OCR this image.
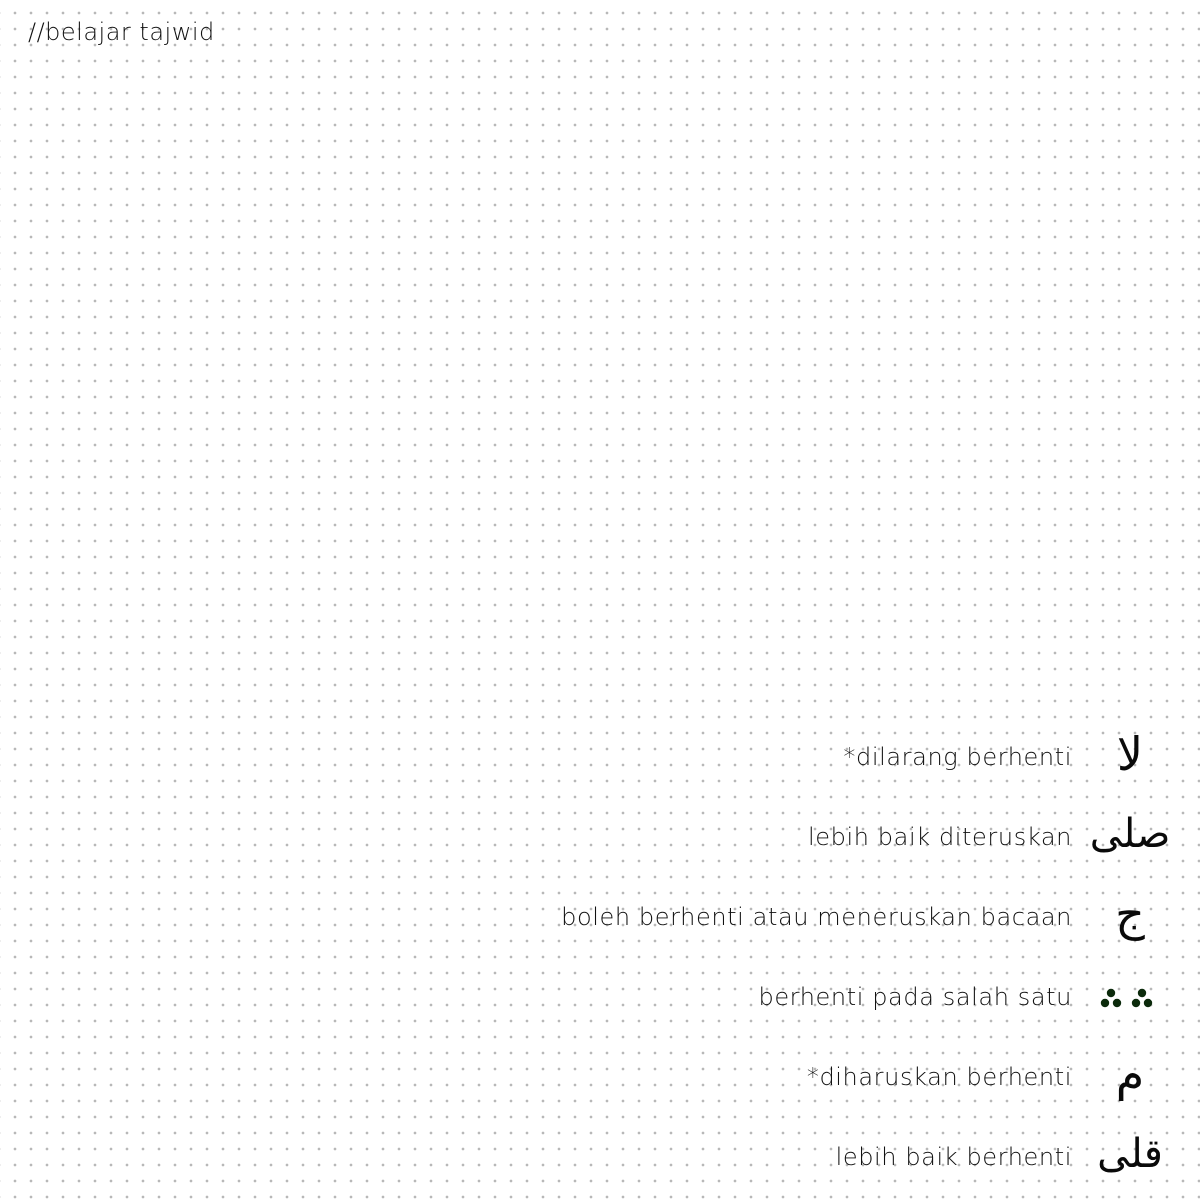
//belajar tajwid
*dilarang berhenti لا
lebih baik diteruskan صلى
boleh berhenti atau meneruskan bacaan ج
berhenti pada salah satu
*diharuskan berhenti م
lebih baik berhenti قلى
